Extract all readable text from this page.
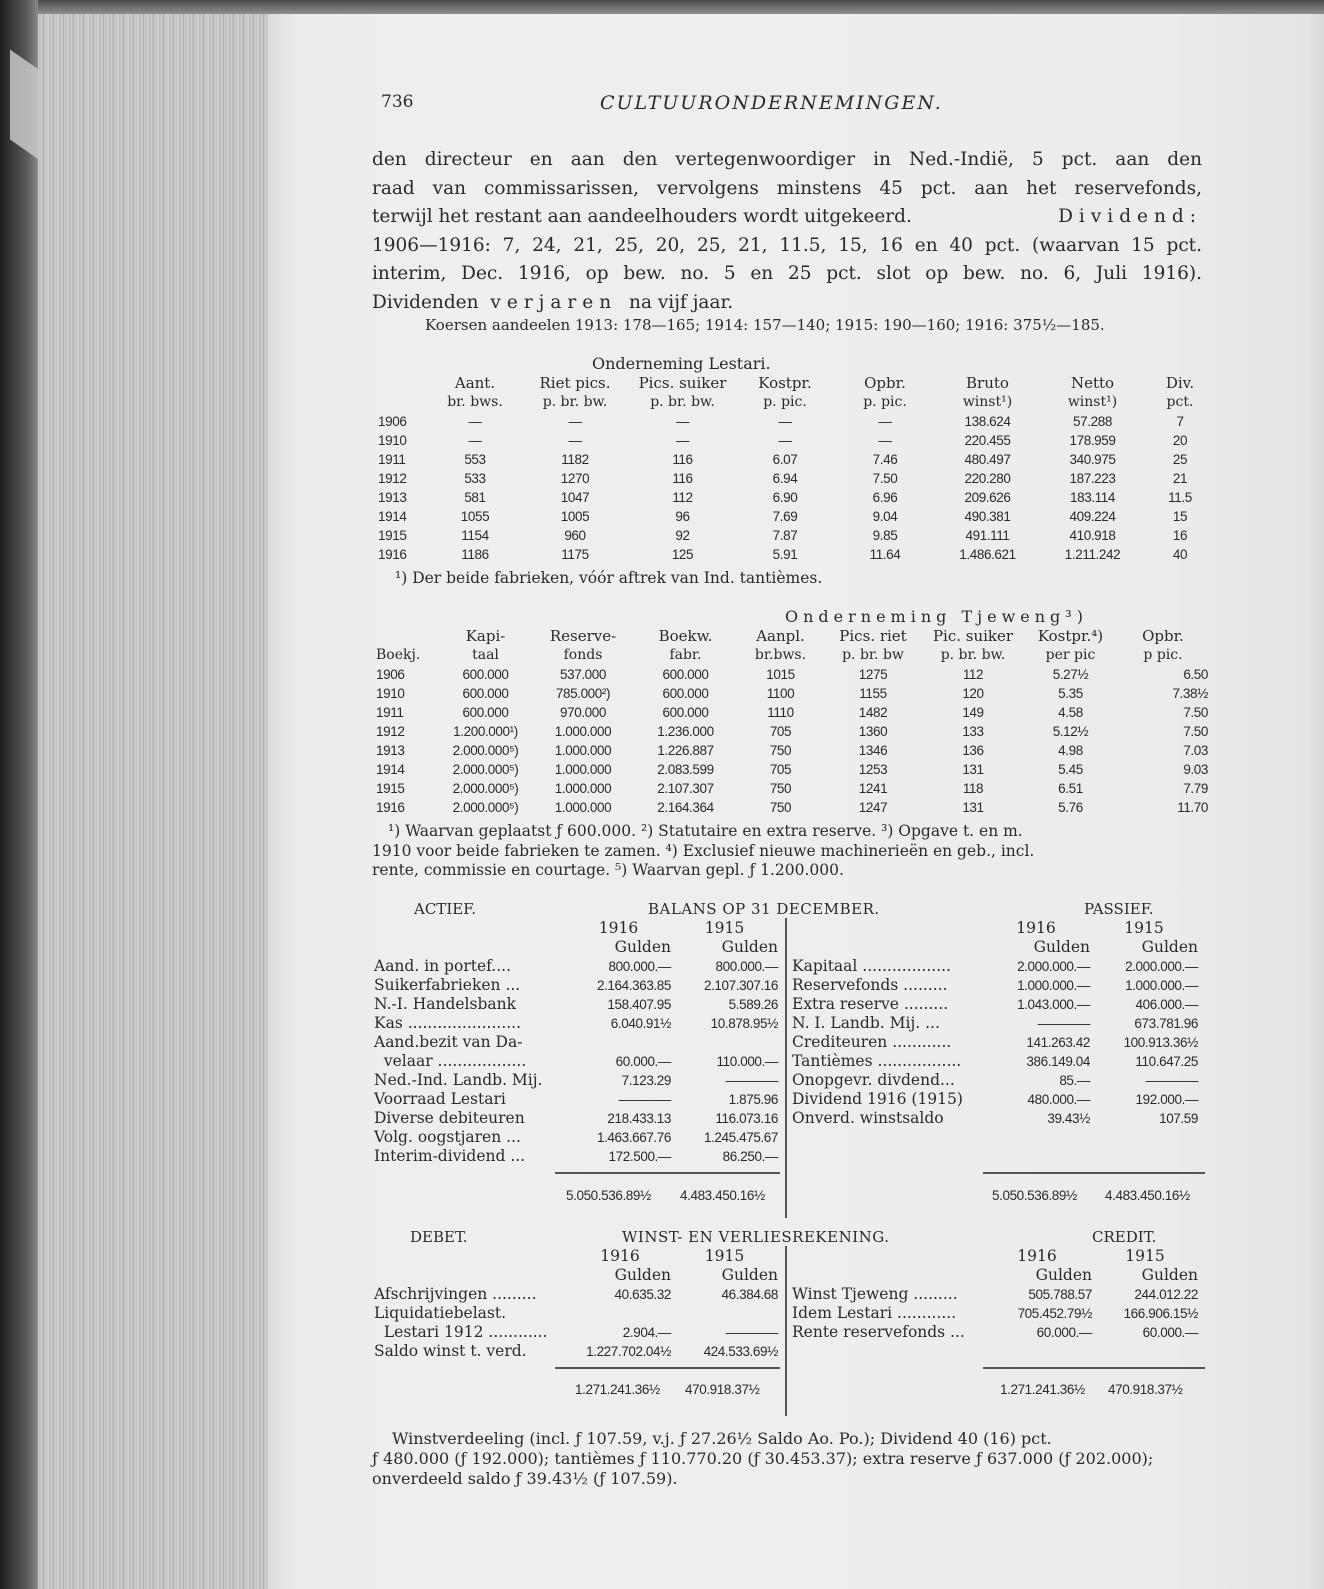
736	CULTUURONDERNEMINGEN.
den directeur en aan den vertegenwoordiger in Ned.-Indië, 5 pct. aan den
raad van commissarissen, vervolgens minstens 45 pct. aan het reservefonds,
terwijl het restant aan aandeelhouders wordt uitgekeerd.	Dividend:
1906—1916: 7, 24, 21, 25, 20, 25, 21, 11.5, 15, 16 en 40 pct. (waarvan 15 pct.
interim, Dec. 1916, op bew. no. 5 en 25 pct. slot op bew. no. 6, Juli 1916).
Dividenden verjaren na vijf jaar.
Koersen aandeelen 1913: 178—165; 1914: 157—140; 1915: 190—160; 1916: 375½—185.
Onderneming Lestari.
	Aant.	Riet pics.	Pics. suiker	Kostpr.	Opbr.	Bruto	Netto	Div.
	br. bws.	p. br. bw.	p. br. bw.	p. pic.	p. pic.	winst¹)	winst¹)	pct.
1906	—	—	—	—	—	138.624	57.288	7
1910	—	—	—	—	—	220.455	178.959	20
1911	553	1182	116	6.07	7.46	480.497	340.975	25
1912	533	1270	116	6.94	7.50	220.280	187.223	21
1913	581	1047	112	6.90	6.96	209.626	183.114	11.5
1914	1055	1005	96	7.69	9.04	490.381	409.224	15
1915	1154	960	92	7.87	9.85	491.111	410.918	16
1916	1186	1175	125	5.91	11.64	1.486.621	1.211.242	40
¹) Der beide fabrieken, vóór aftrek van Ind. tantièmes.
Onderneming Tjeweng³)
	Kapi-	Reserve-	Boekw.	Aanpl.	Pics. riet	Pic. suiker	Kostpr.⁴)	Opbr.
Boekj.	taal	fonds	fabr.	br.bws.	p. br. bw	p. br. bw.	per pic	p pic.
1906	600.000	537.000	600.000	1015	1275	112	5.27½	6.50
1910	600.000	785.000²)	600.000	1100	1155	120	5.35	7.38½
1911	600.000	970.000	600.000	1110	1482	149	4.58	7.50
1912	1.200.000¹)	1.000.000	1.236.000	705	1360	133	5.12½	7.50
1913	2.000.000⁵)	1.000.000	1.226.887	750	1346	136	4.98	7.03
1914	2.000.000⁵)	1.000.000	2.083.599	705	1253	131	5.45	9.03
1915	2.000.000⁵)	1.000.000	2.107.307	750	1241	118	6.51	7.79
1916	2.000.000⁵)	1.000.000	2.164.364	750	1247	131	5.76	11.70
¹) Waarvan geplaatst ƒ 600.000. ²) Statutaire en extra reserve. ³) Opgave t. en m.
1910 voor beide fabrieken te zamen. ⁴) Exclusief nieuwe machinerieën en geb., incl.
rente, commissie en courtage. ⁵) Waarvan gepl. ƒ 1.200.000.
ACTIEF.	BALANS OP 31 DECEMBER.	PASSIEF.
	1916	1915
	Gulden	Gulden
Aand. in portef....	800.000.—	800.000.—
Suikerfabrieken ...	2.164.363.85	2.107.307.16
N.-I. Handelsbank	158.407.95	5.589.26
Kas .......................	6.040.91½	10.878.95½
Aand.bezit van Da-		
velaar ..................	60.000.—	110.000.—
Ned.-Ind. Landb. Mij.	7.123.29	————
Voorraad Lestari	————	1.875.96
Diverse debiteuren	218.433.13	116.073.16
Volg. oogstjaren ...	1.463.667.76	1.245.475.67
Interim-dividend ...	172.500.—	86.250.—
5.050.536.89½ 4.483.450.16½
	1916	1915
	Gulden	Gulden
Kapitaal ..................	2.000.000.—	2.000.000.—
Reservefonds .........	1.000.000.—	1.000.000.—
Extra reserve .........	1.043.000.—	406.000.—
N. I. Landb. Mij. ...	————	673.781.96
Crediteuren ............	141.263.42	100.913.36½
Tantièmes .................	386.149.04	110.647.25
Onopgevr. divdend...	85.—	————
Dividend 1916 (1915)	480.000.—	192.000.—
Onverd. winstsaldo	39.43½	107.59
5.050.536.89½ 4.483.450.16½
DEBET.	WINST- EN VERLIESREKENING.	CREDIT.
	1916	1915
	Gulden	Gulden
Afschrijvingen .........	40.635.32	46.384.68
Liquidatiebelast.		
Lestari 1912 ............	2.904.—	————
Saldo winst t. verd.	1.227.702.04½	424.533.69½
1.271.241.36½ 470.918.37½
	1916	1915
	Gulden	Gulden
Winst Tjeweng .........	505.788.57	244.012.22
Idem Lestari ............	705.452.79½	166.906.15½
Rente reservefonds ...	60.000.—	60.000.—
1.271.241.36½ 470.918.37½
Winstverdeeling (incl. ƒ 107.59, v.j. ƒ 27.26½ Saldo Ao. Po.); Dividend 40 (16) pct.
ƒ 480.000 (ƒ 192.000); tantièmes ƒ 110.770.20 (ƒ 30.453.37); extra reserve ƒ 637.000 (ƒ 202.000);
onverdeeld saldo ƒ 39.43½ (ƒ 107.59).
